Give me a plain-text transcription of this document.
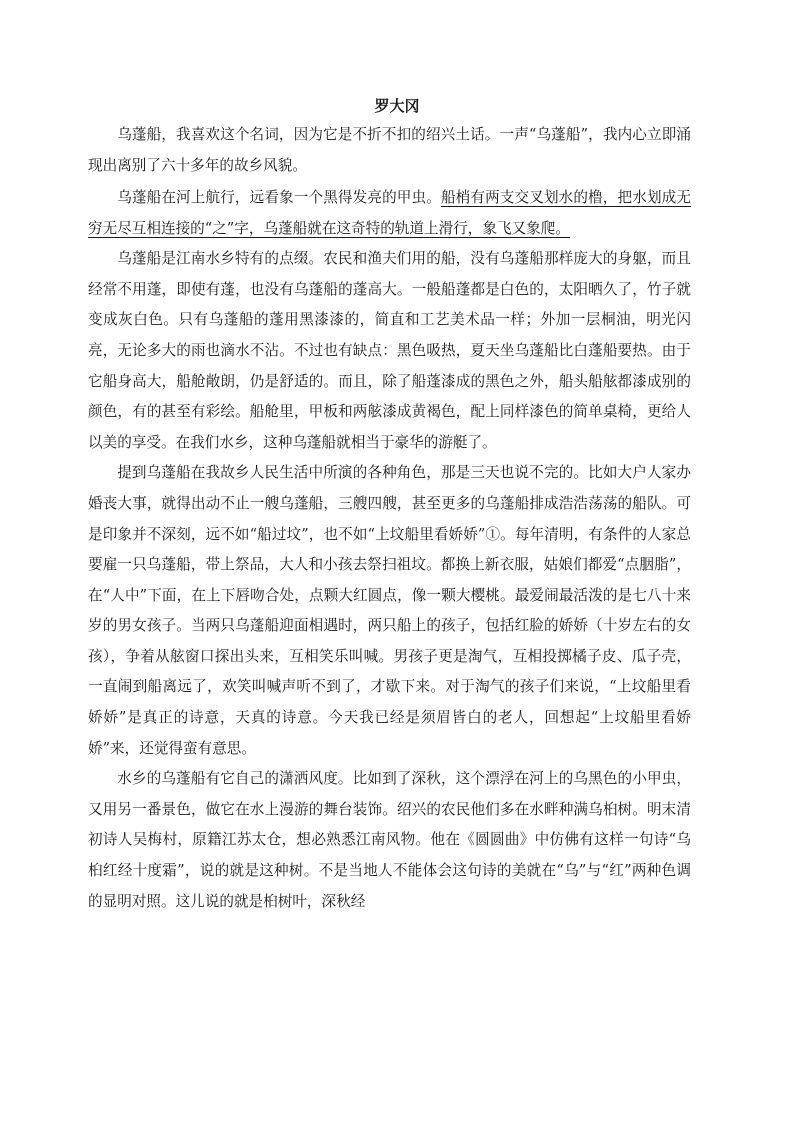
罗大冈

乌蓬船，我喜欢这个名词，因为它是不折不扣的绍兴土话。一声“乌蓬船”，我内心立即涌现出离别了六十多年的故乡风貌。

乌蓬船在河上航行，远看象一个黑得发亮的甲虫。船梢有两支交叉划水的橹，把水划成无穷无尽互相连接的“之”字，乌蓬船就在这奇特的轨道上滑行，象飞又象爬。

乌蓬船是江南水乡特有的点缀。农民和渔夫们用的船，没有乌蓬船那样庞大的身躯，而且经常不用蓬，即使有蓬，也没有乌蓬船的蓬高大。一般船蓬都是白色的，太阳晒久了，竹子就变成灰白色。只有乌蓬船的蓬用黑漆漆的，简直和工艺美术品一样；外加一层桐油，明光闪亮，无论多大的雨也滴水不沾。不过也有缺点：黑色吸热，夏天坐乌蓬船比白蓬船要热。由于它船身高大，船舱敞朗，仍是舒适的。而且，除了船蓬漆成的黑色之外，船头船舷都漆成别的颜色，有的甚至有彩绘。船舱里，甲板和两舷漆成黄褐色，配上同样漆色的简单桌椅，更给人以美的享受。在我们水乡，这种乌蓬船就相当于豪华的游艇了。

提到乌蓬船在我故乡人民生活中所演的各种角色，那是三天也说不完的。比如大户人家办婚丧大事，就得出动不止一艘乌蓬船，三艘四艘，甚至更多的乌蓬船排成浩浩荡荡的船队。可是印象并不深刻，远不如“船过坟”，也不如“上坟船里看娇娇”①。每年清明，有条件的人家总要雇一只乌蓬船，带上祭品，大人和小孩去祭扫祖坟。都换上新衣服，姑娘们都爱“点胭脂”，在“人中”下面，在上下唇吻合处，点颗大红圆点，像一颗大樱桃。最爱闹最活泼的是七八十来岁的男女孩子。当两只乌蓬船迎面相遇时，两只船上的孩子，包括红脸的娇娇（十岁左右的女孩），争着从舷窗口探出头来，互相笑乐叫喊。男孩子更是淘气，互相投掷橘子皮、瓜子壳，一直闹到船离远了，欢笑叫喊声听不到了，才歇下来。对于淘气的孩子们来说，“上坟船里看娇娇”是真正的诗意，天真的诗意。今天我已经是须眉皆白的老人，回想起“上坟船里看娇娇”来，还觉得蛮有意思。

水乡的乌蓬船有它自己的潇洒风度。比如到了深秋，这个漂浮在河上的乌黑色的小甲虫，又用另一番景色，做它在水上漫游的舞台装饰。绍兴的农民他们多在水畔种满乌桕树。明末清初诗人吴梅村，原籍江苏太仓，想必熟悉江南风物。他在《圆圆曲》中仿佛有这样一句诗“乌桕红经十度霜”，说的就是这种树。不是当地人不能体会这句诗的美就在“乌”与“红”两种色调的显明对照。这儿说的就是桕树叶，深秋经
